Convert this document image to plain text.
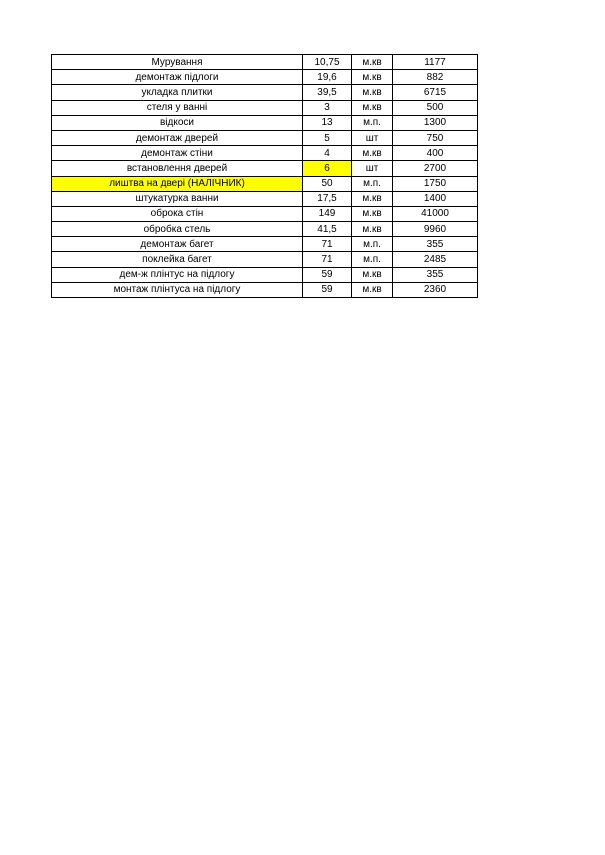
Мурування	10,75	м.кв	1177
демонтаж підлоги	19,6	м.кв	882
укладка плитки	39,5	м.кв	6715
стеля у ванні	3	м.кв	500
відкоси	13	м.п.	1300
демонтаж дверей	5	шт	750
демонтаж стіни	4	м.кв	400
встановлення дверей	6	шт	2700
лиштва на двері (НАЛІЧНИК)	50	м.п.	1750
штукатурка ванни	17,5	м.кв	1400
оброка стін	149	м.кв	41000
обробка стель	41,5	м.кв	9960
демонтаж багет	71	м.п.	355
поклейка багет	71	м.п.	2485
дем-ж плінтус на підлогу	59	м.кв	355
монтаж плінтуса на підлогу	59	м.кв	2360
